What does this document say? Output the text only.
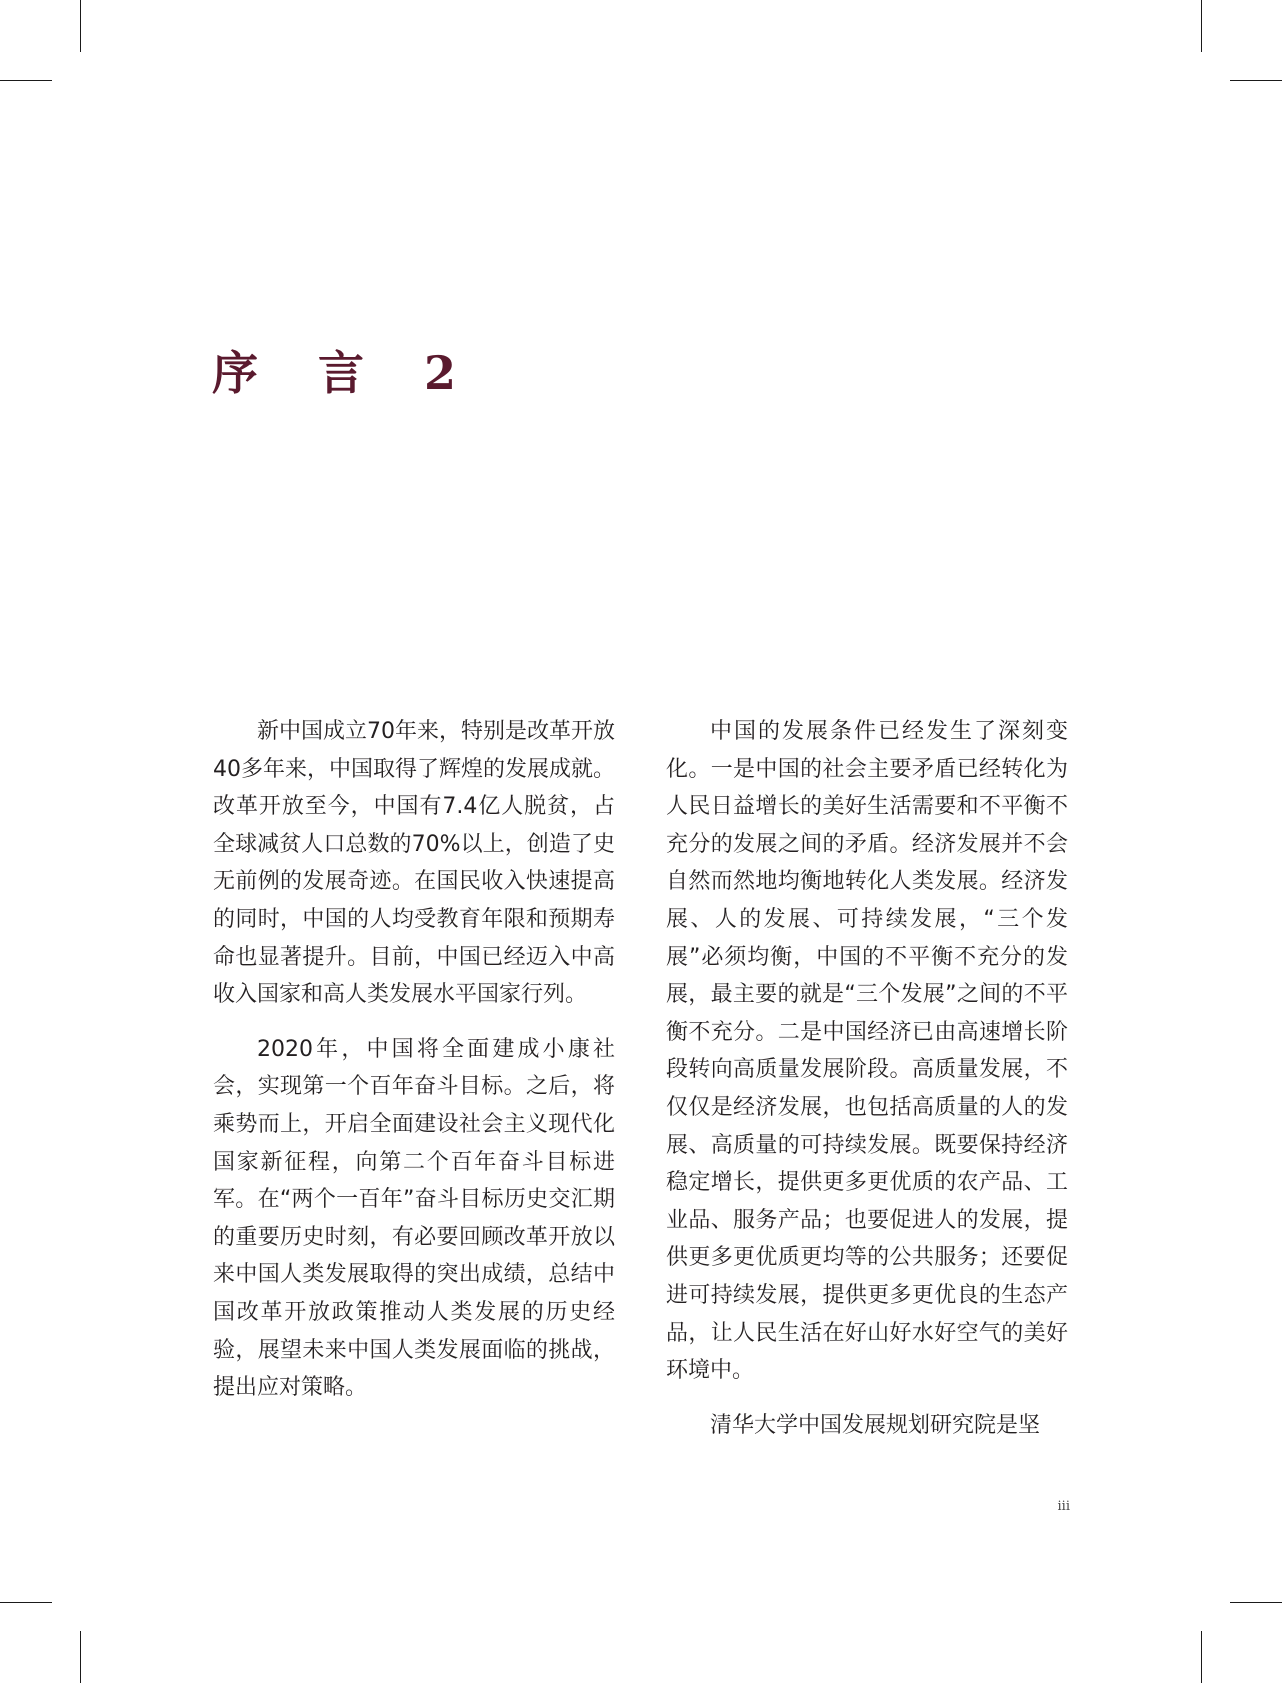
序 言 2

新中国成立70年来，特别是改革开放40多年来，中国取得了辉煌的发展成就。改革开放至今，中国有7.4亿人脱贫，占全球减贫人口总数的70%以上，创造了史无前例的发展奇迹。在国民收入快速提高的同时，中国的人均受教育年限和预期寿命也显著提升。目前，中国已经迈入中高收入国家和高人类发展水平国家行列。

2020年，中国将全面建成小康社会，实现第一个百年奋斗目标。之后，将乘势而上，开启全面建设社会主义现代化国家新征程，向第二个百年奋斗目标进军。在“两个一百年”奋斗目标历史交汇期的重要历史时刻，有必要回顾改革开放以来中国人类发展取得的突出成绩，总结中国改革开放政策推动人类发展的历史经验，展望未来中国人类发展面临的挑战，提出应对策略。

中国的发展条件已经发生了深刻变化。一是中国的社会主要矛盾已经转化为人民日益增长的美好生活需要和不平衡不充分的发展之间的矛盾。经济发展并不会自然而然地均衡地转化人类发展。经济发展、人的发展、可持续发展，“三个发展”必须均衡，中国的不平衡不充分的发展，最主要的就是“三个发展”之间的不平衡不充分。二是中国经济已由高速增长阶段转向高质量发展阶段。高质量发展，不仅仅是经济发展，也包括高质量的人的发展、高质量的可持续发展。既要保持经济稳定增长，提供更多更优质的农产品、工业品、服务产品；也要促进人的发展，提供更多更优质更均等的公共服务；还要促进可持续发展，提供更多更优良的生态产品，让人民生活在好山好水好空气的美好环境中。

清华大学中国发展规划研究院是坚

iii
